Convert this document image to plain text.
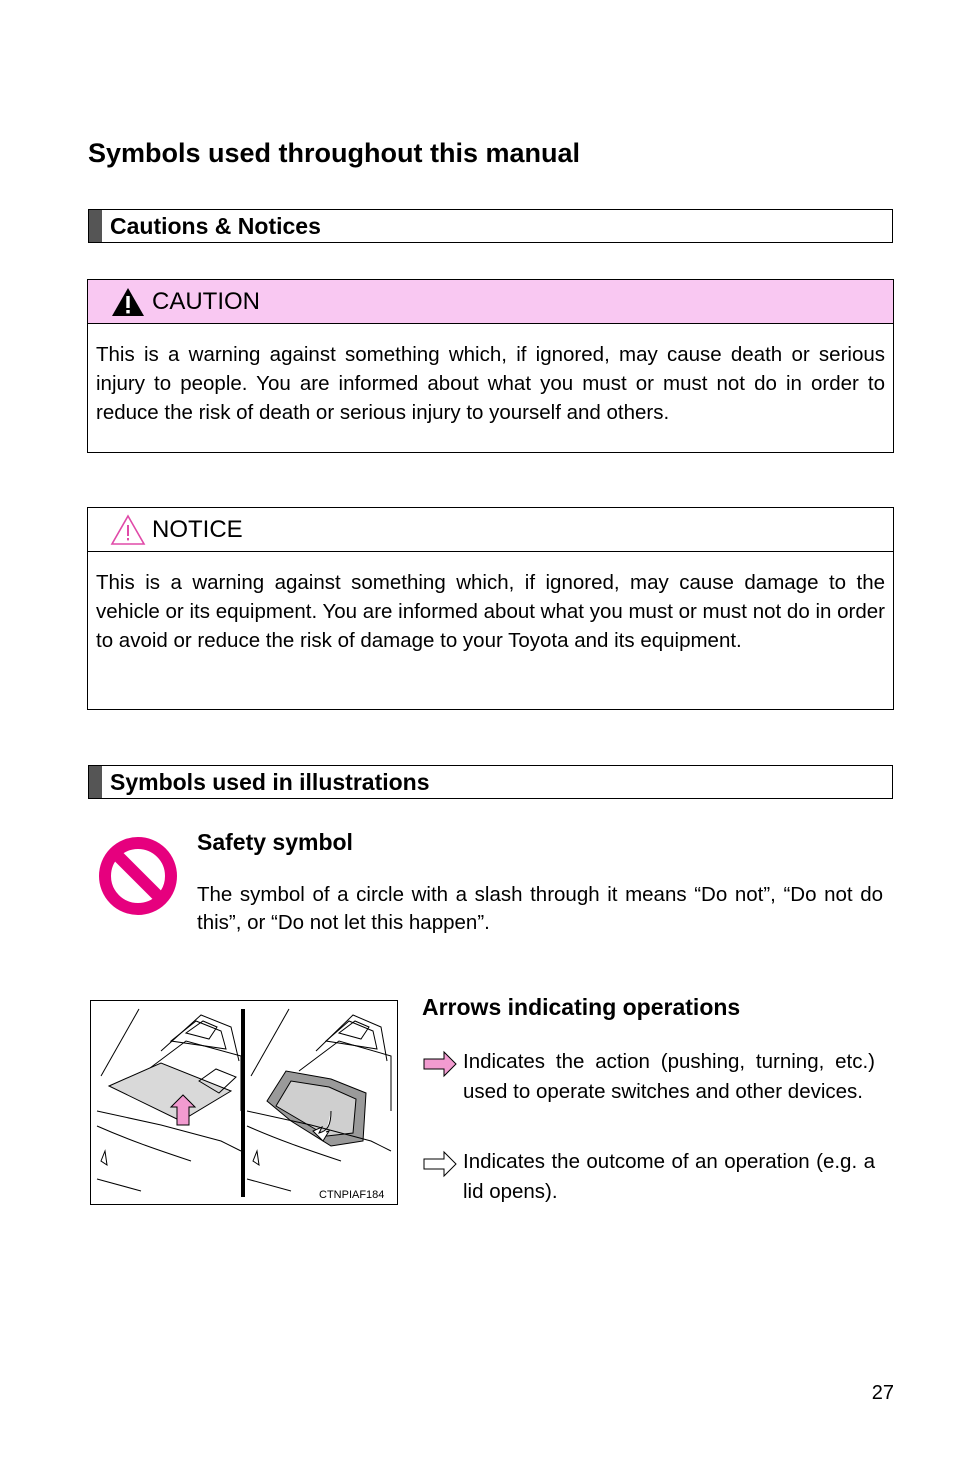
Symbols used throughout this manual
Cautions & Notices
CAUTION
This is a warning against something which, if ignored, may cause death or serious injury to people. You are informed about what you must or must not do in order to reduce the risk of death or serious injury to yourself and others.
NOTICE
This is a warning against something which, if ignored, may cause damage to the vehicle or its equipment. You are informed about what you must or must not do in order to avoid or reduce the risk of damage to your Toyota and its equipment.
Symbols used in illustrations
Safety symbol
The symbol of a circle with a slash through it means “Do not”, “Do not do this”, or “Do not let this happen”.
CTNPIAF184
Arrows indicating operations
Indicates the action (pushing, turning, etc.) used to operate switches and other devices.
Indicates the outcome of an operation (e.g. a lid opens).
27
